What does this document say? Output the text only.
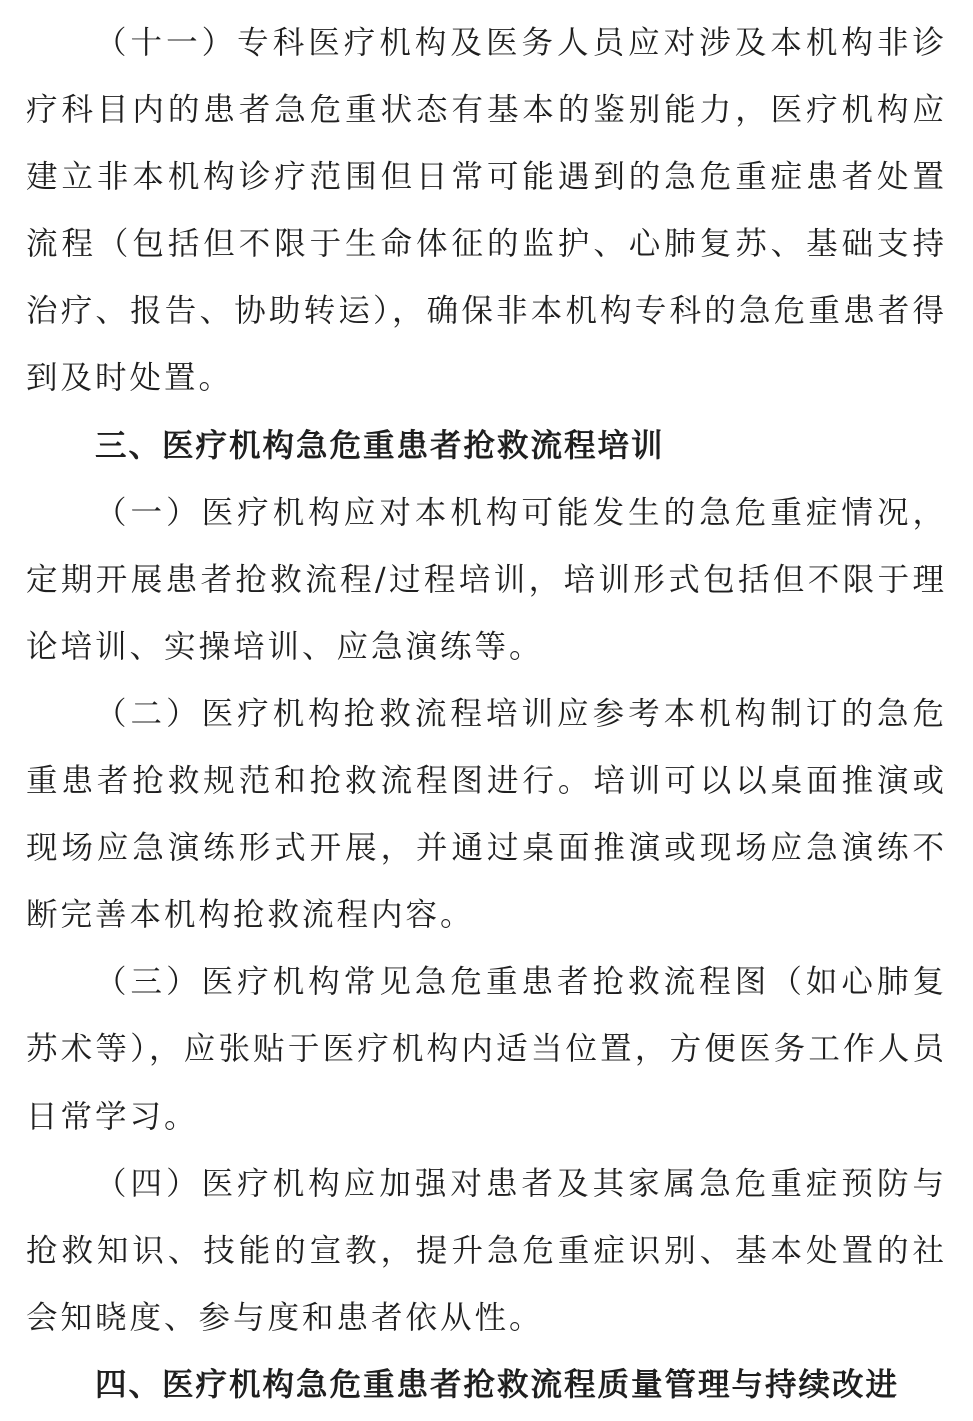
（十一）专科医疗机构及医务人员应对涉及本机构非诊疗科目内的患者急危重状态有基本的鉴别能力，医疗机构应建立非本机构诊疗范围但日常可能遇到的急危重症患者处置流程（包括但不限于生命体征的监护、心肺复苏、基础支持治疗、报告、协助转运），确保非本机构专科的急危重患者得到及时处置。

三、医疗机构急危重患者抢救流程培训

（一）医疗机构应对本机构可能发生的急危重症情况，定期开展患者抢救流程/过程培训，培训形式包括但不限于理论培训、实操培训、应急演练等。

（二）医疗机构抢救流程培训应参考本机构制订的急危重患者抢救规范和抢救流程图进行。培训可以以桌面推演或现场应急演练形式开展，并通过桌面推演或现场应急演练不断完善本机构抢救流程内容。

（三）医疗机构常见急危重患者抢救流程图（如心肺复苏术等），应张贴于医疗机构内适当位置，方便医务工作人员日常学习。

（四）医疗机构应加强对患者及其家属急危重症预防与抢救知识、技能的宣教，提升急危重症识别、基本处置的社会知晓度、参与度和患者依从性。

四、医疗机构急危重患者抢救流程质量管理与持续改进
